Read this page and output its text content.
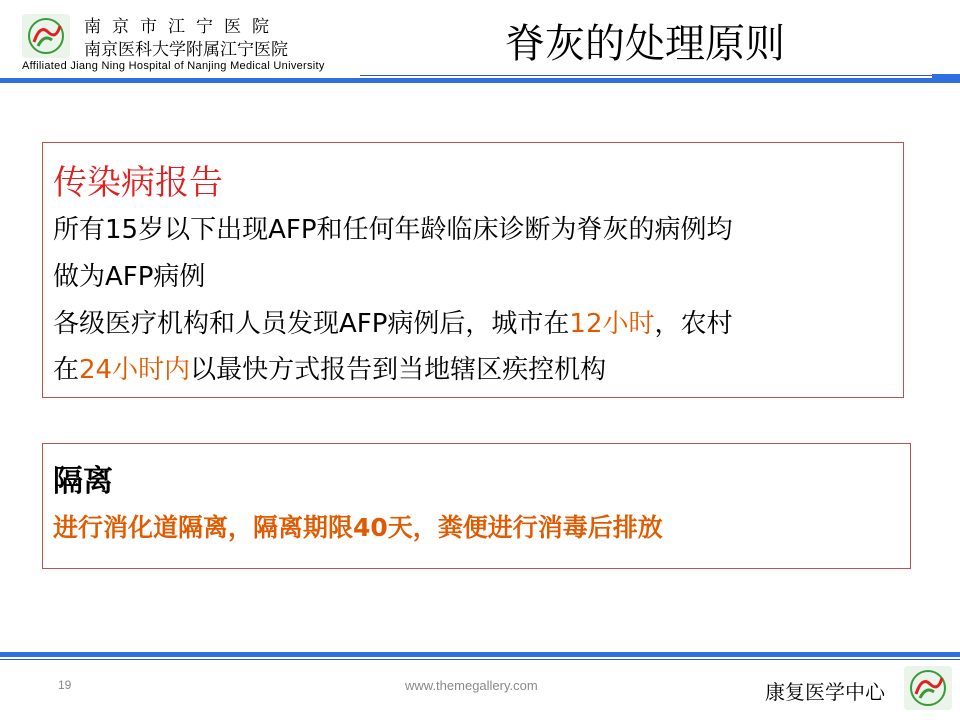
南京市江宁医院
南京医科大学附属江宁医院
Affiliated Jiang Ning Hospital of Nanjing Medical University	脊灰的处理原则
传染病报告
所有15岁以下出现AFP和任何年龄临床诊断为脊灰的病例均
做为AFP病例
各级医疗机构和人员发现AFP病例后，城市在12小时，农村
在24小时内以最快方式报告到当地辖区疾控机构
隔离
进行消化道隔离，隔离期限40天，粪便进行消毒后排放
19	www.themegallery.com	康复医学中心
